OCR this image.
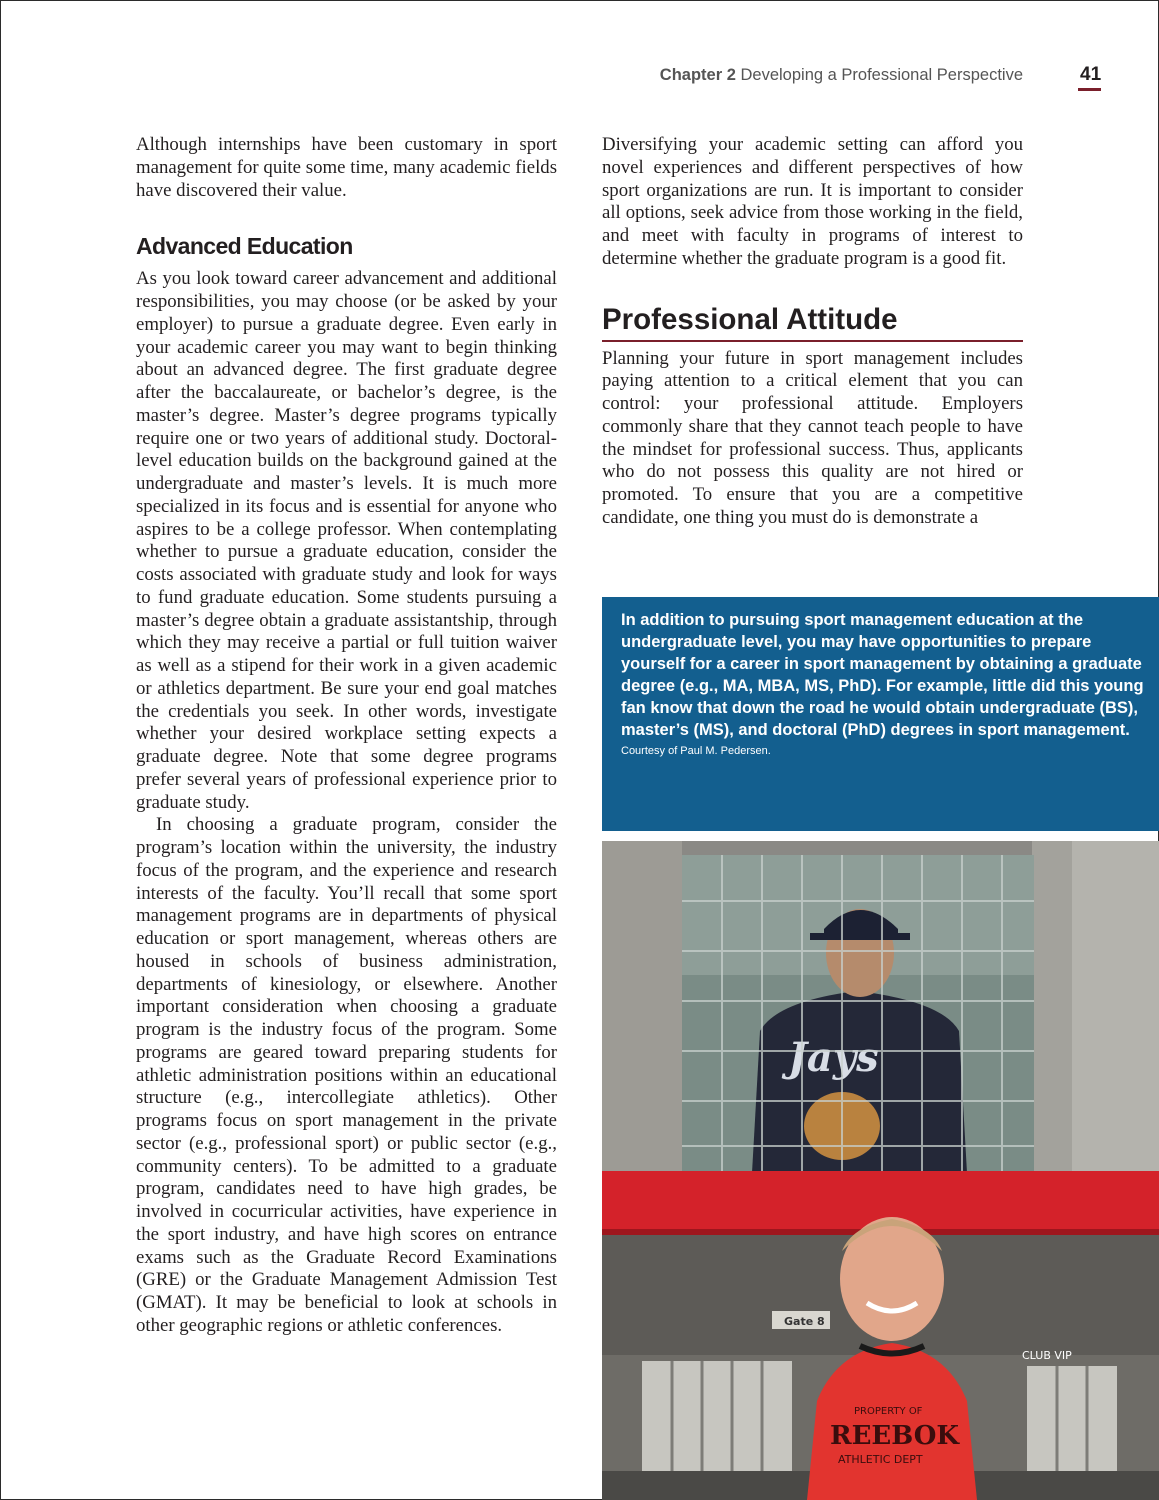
Chapter 2 Developing a Professional Perspective	41

Although internships have been customary in sport management for quite some time, many academic fields have discovered their value.

Advanced Education

As you look toward career advancement and additional responsibilities, you may choose (or be asked by your employer) to pursue a graduate degree. Even early in your academic career you may want to begin thinking about an advanced degree. The first graduate degree after the baccalaureate, or bachelor’s degree, is the master’s degree. Master’s degree programs typically require one or two years of additional study. Doctoral-level education builds on the background gained at the undergraduate and master’s levels. It is much more specialized in its focus and is essential for anyone who aspires to be a college professor. When contemplating whether to pursue a graduate education, consider the costs associated with graduate study and look for ways to fund graduate education. Some students pursuing a master’s degree obtain a graduate assistantship, through which they may receive a partial or full tuition waiver as well as a stipend for their work in a given academic or athletics department. Be sure your end goal matches the credentials you seek. In other words, investigate whether your desired workplace setting expects a graduate degree. Note that some degree programs prefer several years of professional experience prior to graduate study.

In choosing a graduate program, consider the program’s location within the university, the industry focus of the program, and the experience and research interests of the faculty. You’ll recall that some sport management programs are in departments of physical education or sport management, whereas others are housed in schools of business administration, departments of kinesiology, or elsewhere. Another important consideration when choosing a graduate program is the industry focus of the program. Some programs are geared toward preparing students for athletic administration positions within an educational structure (e.g., intercollegiate athletics). Other programs focus on sport management in the private sector (e.g., professional sport) or public sector (e.g., community centers). To be admitted to a graduate program, candidates need to have high grades, be involved in cocurricular activities, have experience in the sport industry, and have high scores on entrance exams such as the Graduate Record Examinations (GRE) or the Graduate Management Admission Test (GMAT). It may be beneficial to look at schools in other geographic regions or athletic conferences.

Diversifying your academic setting can afford you novel experiences and different perspectives of how sport organizations are run. It is important to consider all options, seek advice from those working in the field, and meet with faculty in programs of interest to determine whether the graduate program is a good fit.

Professional Attitude

Planning your future in sport management includes paying attention to a critical element that you can control: your professional attitude. Employers commonly share that they cannot teach people to have the mindset for professional success. Thus, applicants who do not possess this quality are not hired or promoted. To ensure that you are a competitive candidate, one thing you must do is demonstrate a

In addition to pursuing sport management education at the undergraduate level, you may have opportunities to prepare yourself for a career in sport management by obtaining a graduate degree (e.g., MA, MBA, MS, PhD). For example, little did this young fan know that down the road he would obtain undergraduate (BS), master’s (MS), and doctoral (PhD) degrees in sport management.

Courtesy of Paul M. Pedersen.
Jays
Gate 8
CLUB VIP
PROPERTY OF
REEBOK
ATHLETIC DEPT
